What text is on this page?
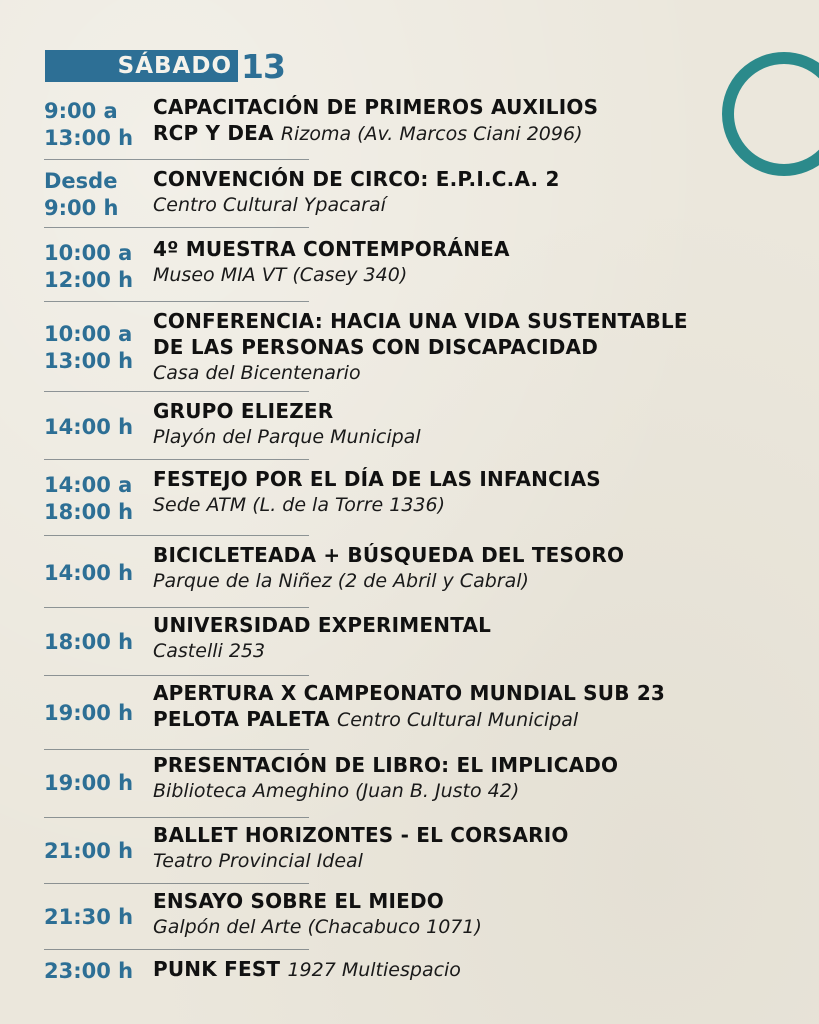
SÁBADO 13
9:00 a
13:00 h
CAPACITACIÓN DE PRIMEROS AUXILIOS
RCP Y DEA Rizoma (Av. Marcos Ciani 2096)
Desde
9:00 h
CONVENCIÓN DE CIRCO: E.P.I.C.A. 2
Centro Cultural Ypacaraí
10:00 a
12:00 h
4º MUESTRA CONTEMPORÁNEA
Museo MIA VT (Casey 340)
10:00 a
13:00 h
CONFERENCIA: HACIA UNA VIDA SUSTENTABLE
DE LAS PERSONAS CON DISCAPACIDAD
Casa del Bicentenario
14:00 h
GRUPO ELIEZER
Playón del Parque Municipal
14:00 a
18:00 h
FESTEJO POR EL DÍA DE LAS INFANCIAS
Sede ATM (L. de la Torre 1336)
14:00 h
BICICLETEADA + BÚSQUEDA DEL TESORO
Parque de la Niñez (2 de Abril y Cabral)
18:00 h
UNIVERSIDAD EXPERIMENTAL
Castelli 253
19:00 h
APERTURA X CAMPEONATO MUNDIAL SUB 23
PELOTA PALETA Centro Cultural Municipal
19:00 h
PRESENTACIÓN DE LIBRO: EL IMPLICADO
Biblioteca Ameghino (Juan B. Justo 42)
21:00 h
BALLET HORIZONTES - EL CORSARIO
Teatro Provincial Ideal
21:30 h
ENSAYO SOBRE EL MIEDO
Galpón del Arte (Chacabuco 1071)
23:00 h PUNK FEST 1927 Multiespacio
